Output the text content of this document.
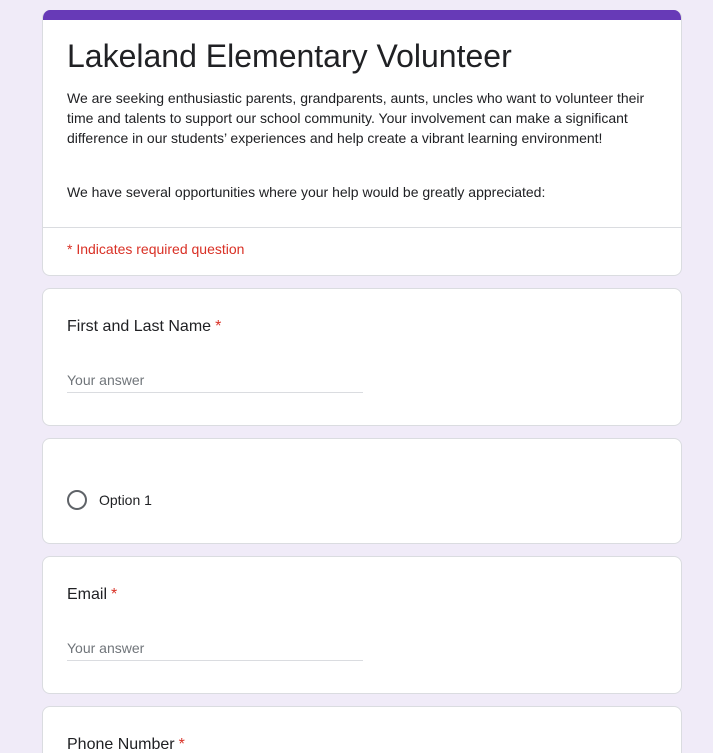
Lakeland Elementary Volunteer
We are seeking enthusiastic parents, grandparents, aunts, uncles who want to volunteer their time and talents to support our school community. Your involvement can make a significant difference in our students’ experiences and help create a vibrant learning environment!
We have several opportunities where your help would be greatly appreciated:
* Indicates required question
First and Last Name *
Your answer
Option 1
Email *
Your answer
Phone Number *
